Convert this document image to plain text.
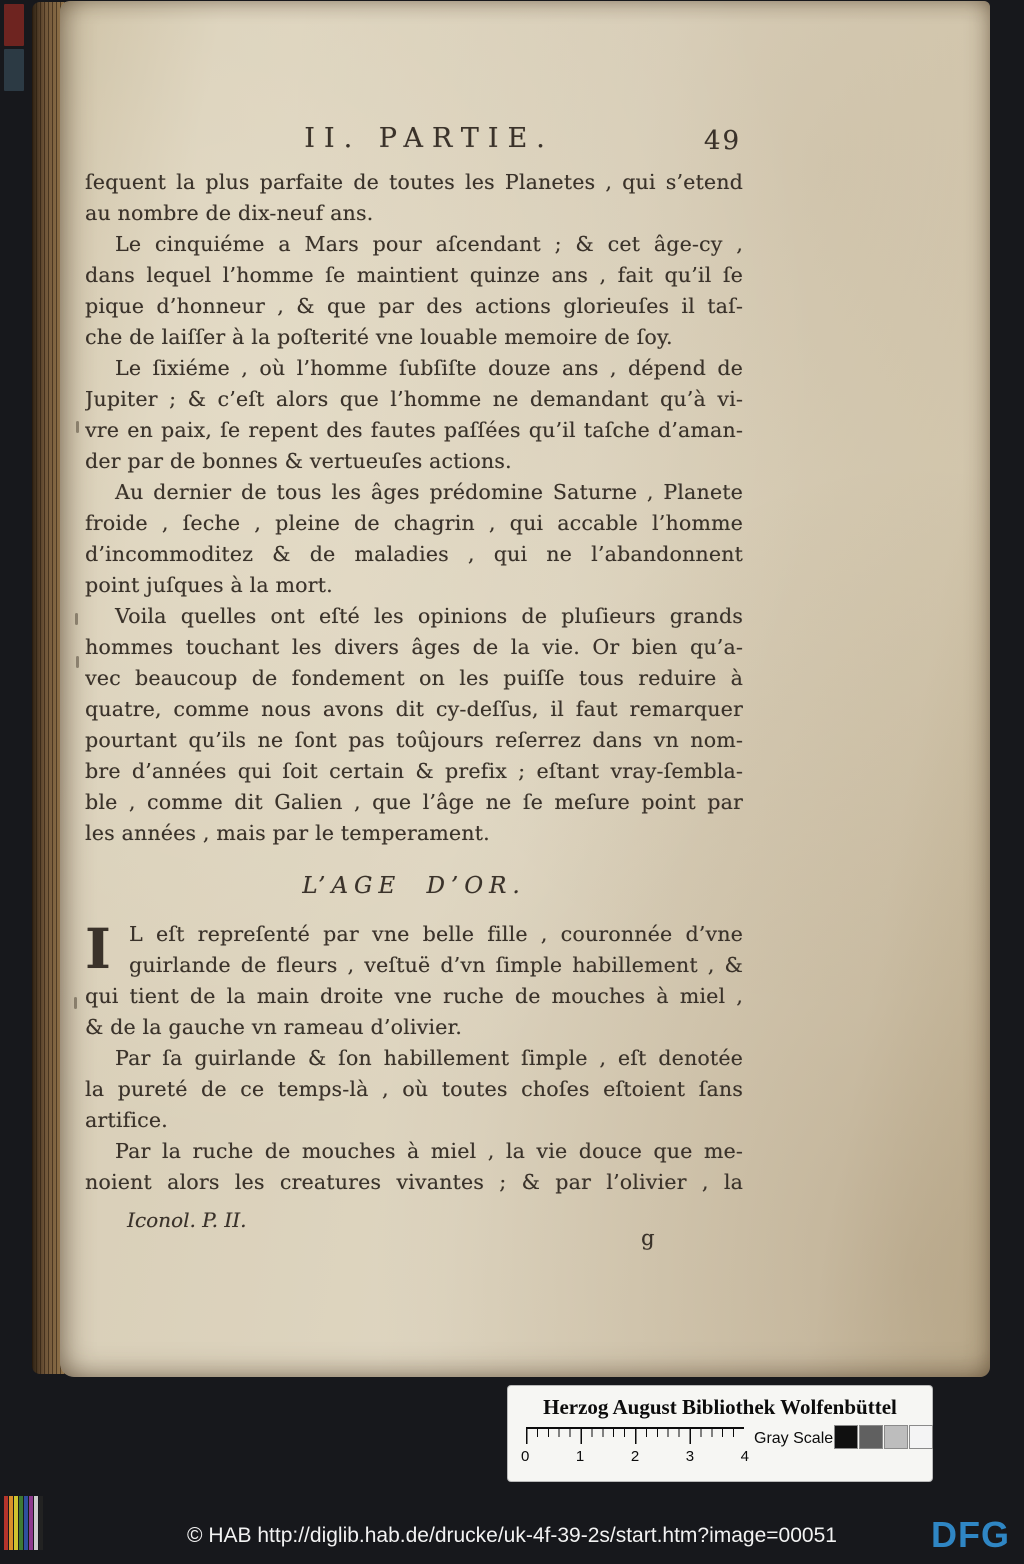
II. PARTIE.	49
ſequent la plus parfaite de toutes les Planetes , qui s’etend
au nombre de dix-neuf ans.
Le cinquiéme a Mars pour aſcendant ; & cet âge-cy ,
dans lequel l’homme ſe maintient quinze ans , fait qu’il ſe
pique d’honneur , & que par des actions glorieuſes il taſ-
che de laiſſer à la poſterité vne louable memoire de ſoy.
Le ſixiéme , où l’homme ſubſiſte douze ans , dépend de
Jupiter ; & c’eſt alors que l’homme ne demandant qu’à vi-
vre en paix, ſe repent des fautes paſſées qu’il taſche d’aman-
der par de bonnes & vertueuſes actions.
Au dernier de tous les âges prédomine Saturne , Planete
froide , ſeche , pleine de chagrin , qui accable l’homme
d’incommoditez & de maladies , qui ne l’abandonnent
point juſques à la mort.
Voila quelles ont eſté les opinions de pluſieurs grands
hommes touchant les divers âges de la vie. Or bien qu’a-
vec beaucoup de fondement on les puiſſe tous reduire à
quatre, comme nous avons dit cy-deſſus, il faut remarquer
pourtant qu’ils ne ſont pas toûjours reſerrez dans vn nom-
bre d’années qui ſoit certain & prefix ; eſtant vray-ſembla-
ble , comme dit Galien , que l’âge ne ſe meſure point par
les années , mais par le temperament.
L’AGE D’OR.
I L eſt repreſenté par vne belle fille , couronnée d’vne
guirlande de fleurs , veſtuë d’vn ſimple habillement , &
qui tient de la main droite vne ruche de mouches à miel ,
& de la gauche vn rameau d’olivier.
Par ſa guirlande & ſon habillement ſimple , eſt denotée
la pureté de ce temps-là , où toutes choſes eſtoient ſans
artifice.
Par la ruche de mouches à miel , la vie douce que me-
noient alors les creatures vivantes ; & par l’olivier , la
Iconol. P. II.
g
Herzog August Bibliothek Wolfenbüttel
0	1	2	3	4
Gray Scale
© HAB http://diglib.hab.de/drucke/uk-4f-39-2s/start.htm?image=00051	DFG
